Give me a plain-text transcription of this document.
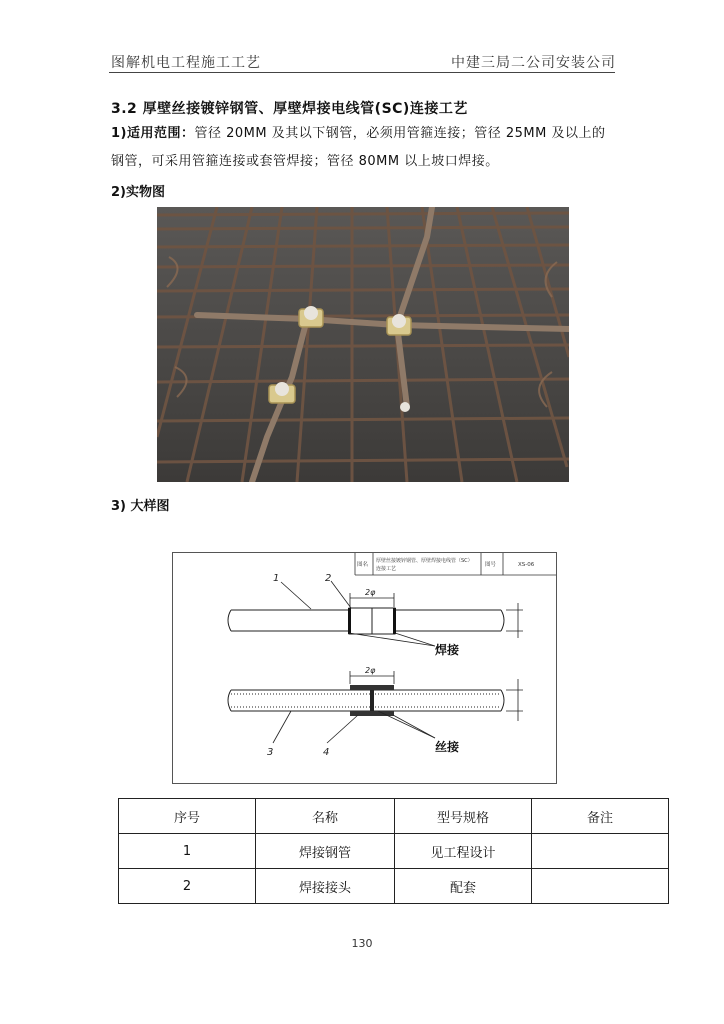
图解机电工程施工工艺	中建三局二公司安装公司
3.2 厚壁丝接镀锌钢管、厚壁焊接电线管(SC)连接工艺
1)适用范围：管径 20MM 及其以下钢管，必须用管箍连接；管径 25MM 及以上的
钢管，可采用管箍连接或套管焊接；管径 80MM 以上坡口焊接。
2)实物图
3) 大样图
图名
厚壁丝接镀锌钢管、厚壁焊接电线管（SC）
连接工艺
图号	XS-06
2φ
1	2
焊接
2φ
3	4	丝接
序号	名称	型号规格	备注
1	焊接钢管	见工程设计	
2	焊接接头	配套	
130
